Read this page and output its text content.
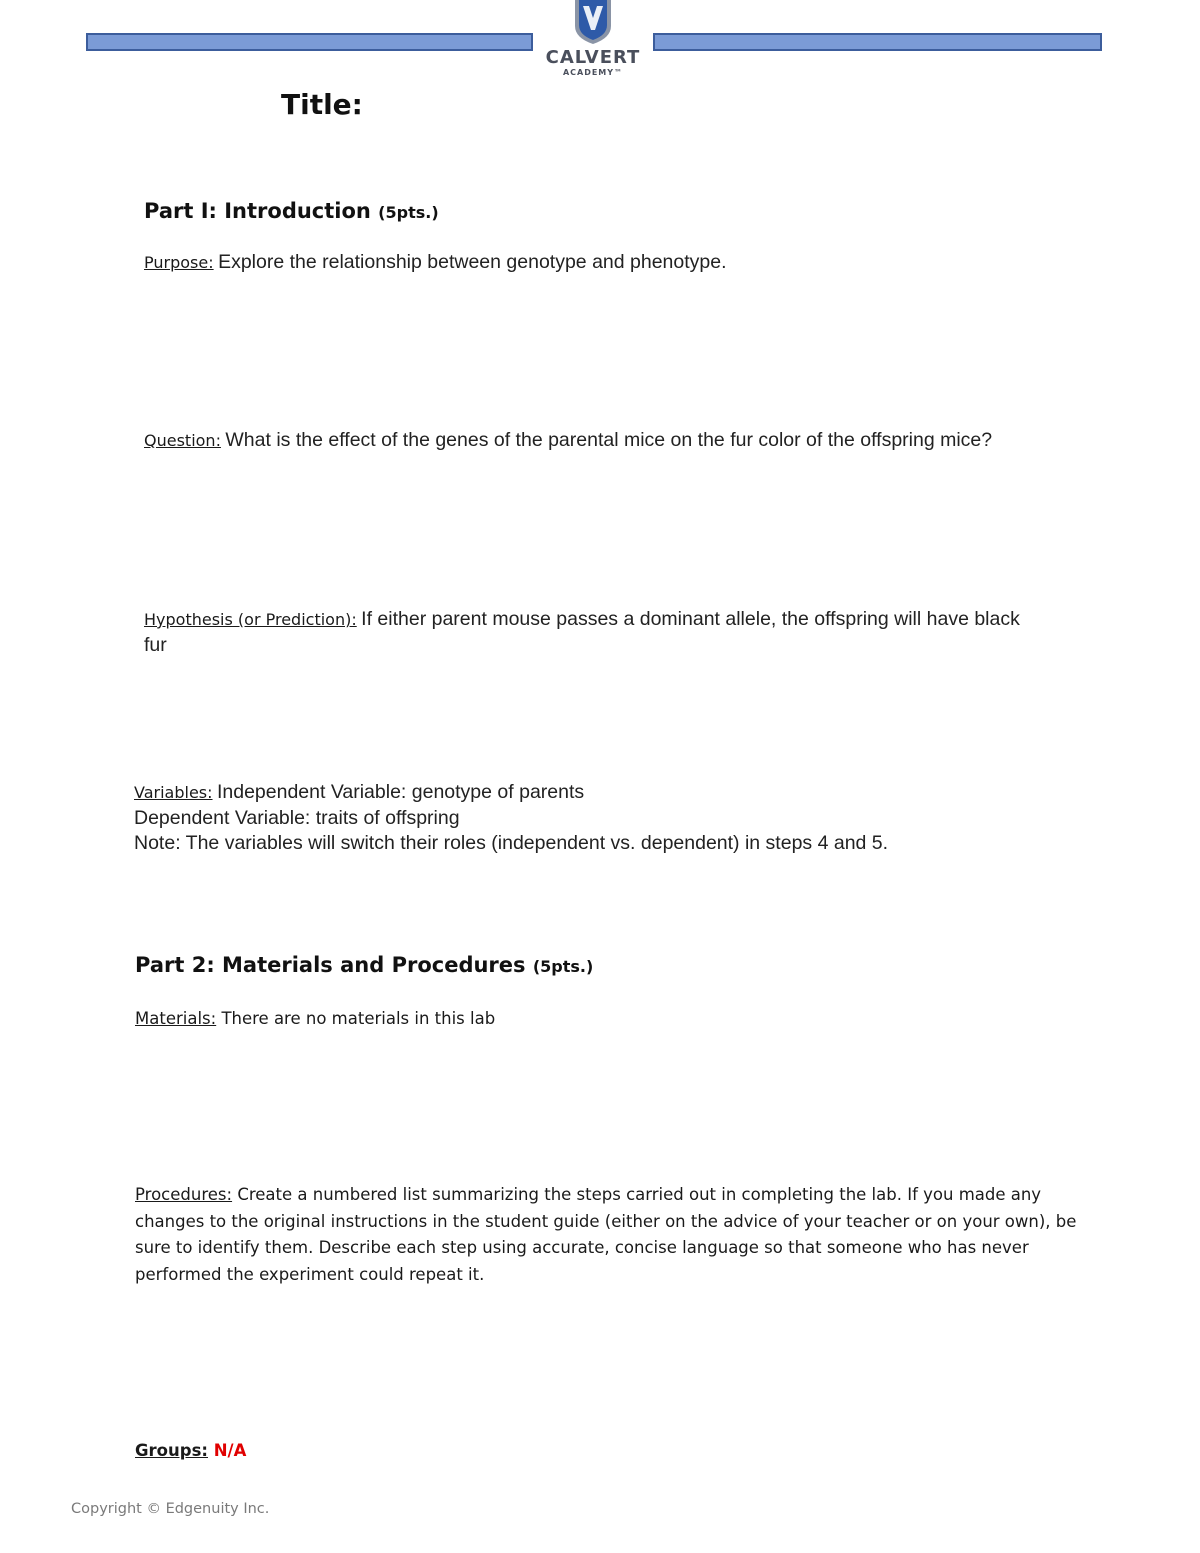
CALVERT
ACADEMY™
Title:
Part I: Introduction (5pts.)
Purpose: Explore the relationship between genotype and phenotype.
Question: What is the effect of the genes of the parental mice on the fur color of the offspring mice?
Hypothesis (or Prediction): If either parent mouse passes a dominant allele, the offspring will have black
fur
Variables: Independent Variable: genotype of parents
Dependent Variable: traits of offspring
Note: The variables will switch their roles (independent vs. dependent) in steps 4 and 5.
Part 2: Materials and Procedures (5pts.)
Materials: There are no materials in this lab
Procedures: Create a numbered list summarizing the steps carried out in completing the lab. If you made any
changes to the original instructions in the student guide (either on the advice of your teacher or on your own), be
sure to identify them. Describe each step using accurate, concise language so that someone who has never
performed the experiment could repeat it.
Groups: N/A
Copyright © Edgenuity Inc.
